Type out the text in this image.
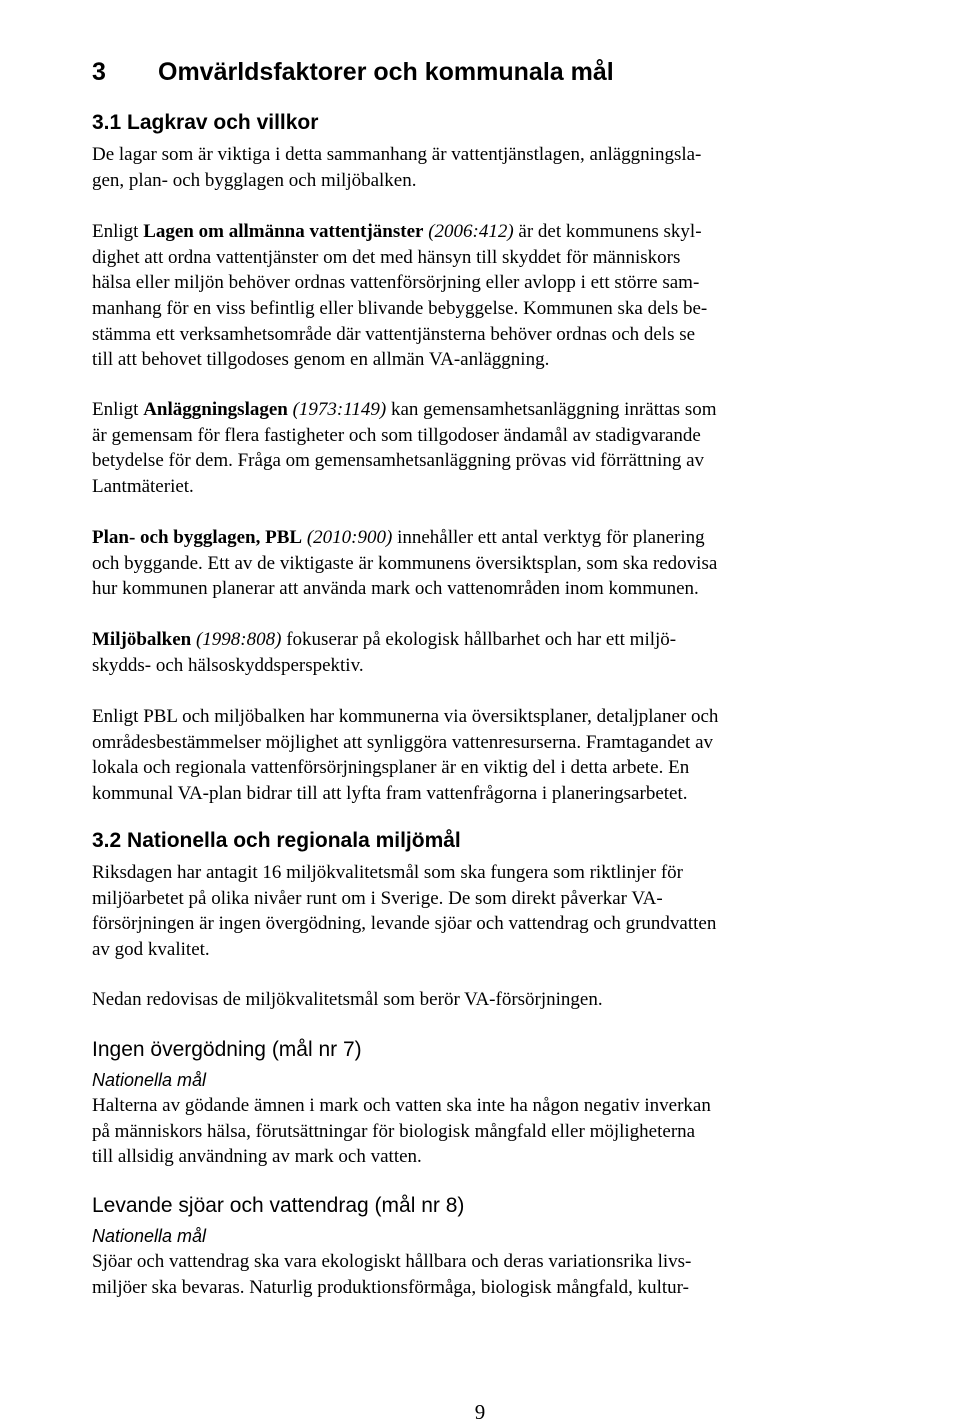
3 Omvärldsfaktorer och kommunala mål
3.1 Lagkrav och villkor
De lagar som är viktiga i detta sammanhang är vattentjänstlagen, anläggningsla-
gen, plan- och bygglagen och miljöbalken.
Enligt Lagen om allmänna vattentjänster (2006:412) är det kommunens skyl-
dighet att ordna vattentjänster om det med hänsyn till skyddet för människors
hälsa eller miljön behöver ordnas vattenförsörjning eller avlopp i ett större sam-
manhang för en viss befintlig eller blivande bebyggelse. Kommunen ska dels be-
stämma ett verksamhetsområde där vattentjänsterna behöver ordnas och dels se
till att behovet tillgodoses genom en allmän VA-anläggning.
Enligt Anläggningslagen (1973:1149) kan gemensamhetsanläggning inrättas som
är gemensam för flera fastigheter och som tillgodoser ändamål av stadigvarande
betydelse för dem. Fråga om gemensamhetsanläggning prövas vid förrättning av
Lantmäteriet.
Plan- och bygglagen, PBL (2010:900) innehåller ett antal verktyg för planering
och byggande. Ett av de viktigaste är kommunens översiktsplan, som ska redovisa
hur kommunen planerar att använda mark och vattenområden inom kommunen.
Miljöbalken (1998:808) fokuserar på ekologisk hållbarhet och har ett miljö-
skydds- och hälsoskyddsperspektiv.
Enligt PBL och miljöbalken har kommunerna via översiktsplaner, detaljplaner och
områdesbestämmelser möjlighet att synliggöra vattenresurserna. Framtagandet av
lokala och regionala vattenförsörjningsplaner är en viktig del i detta arbete. En
kommunal VA-plan bidrar till att lyfta fram vattenfrågorna i planeringsarbetet.
3.2 Nationella och regionala miljömål
Riksdagen har antagit 16 miljökvalitetsmål som ska fungera som riktlinjer för
miljöarbetet på olika nivåer runt om i Sverige. De som direkt påverkar VA-
försörjningen är ingen övergödning, levande sjöar och vattendrag och grundvatten
av god kvalitet.
Nedan redovisas de miljökvalitetsmål som berör VA-försörjningen.
Ingen övergödning (mål nr 7)
Nationella mål
Halterna av gödande ämnen i mark och vatten ska inte ha någon negativ inverkan
på människors hälsa, förutsättningar för biologisk mångfald eller möjligheterna
till allsidig användning av mark och vatten.
Levande sjöar och vattendrag (mål nr 8)
Nationella mål
Sjöar och vattendrag ska vara ekologiskt hållbara och deras variationsrika livs-
miljöer ska bevaras. Naturlig produktionsförmåga, biologisk mångfald, kultur-
9
